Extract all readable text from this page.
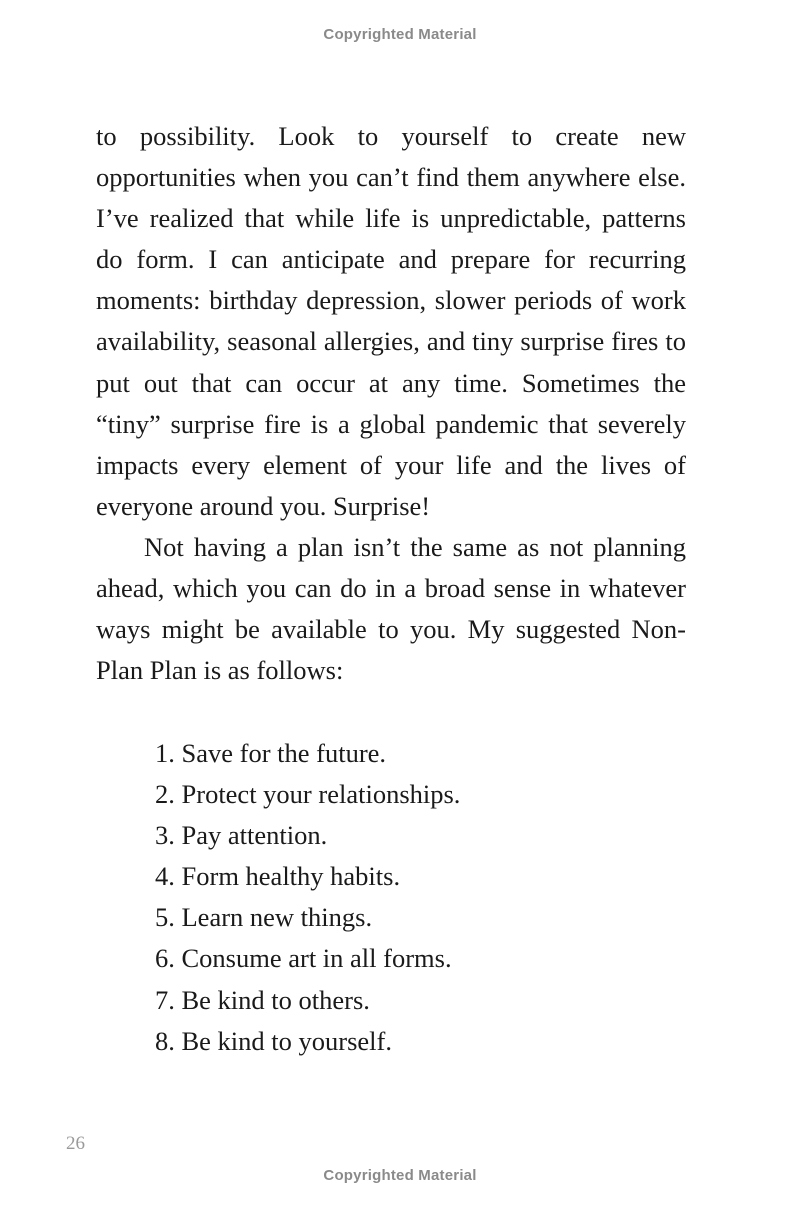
Copyrighted Material

to possibility. Look to yourself to create new opportunities when you can’t find them anywhere else. I’ve realized that while life is unpredictable, patterns do form. I can anticipate and prepare for recurring moments: birthday depression, slower periods of work availability, seasonal allergies, and tiny surprise fires to put out that can occur at any time. Sometimes the “tiny” surprise fire is a global pandemic that severely impacts every element of your life and the lives of everyone around you. Surprise!

Not having a plan isn’t the same as not planning ahead, which you can do in a broad sense in whatever ways might be available to you. My suggested Non-Plan Plan is as follows:

1. Save for the future.
2. Protect your relationships.
3. Pay attention.
4. Form healthy habits.
5. Learn new things.
6. Consume art in all forms.
7. Be kind to others.
8. Be kind to yourself.
26
Copyrighted Material
